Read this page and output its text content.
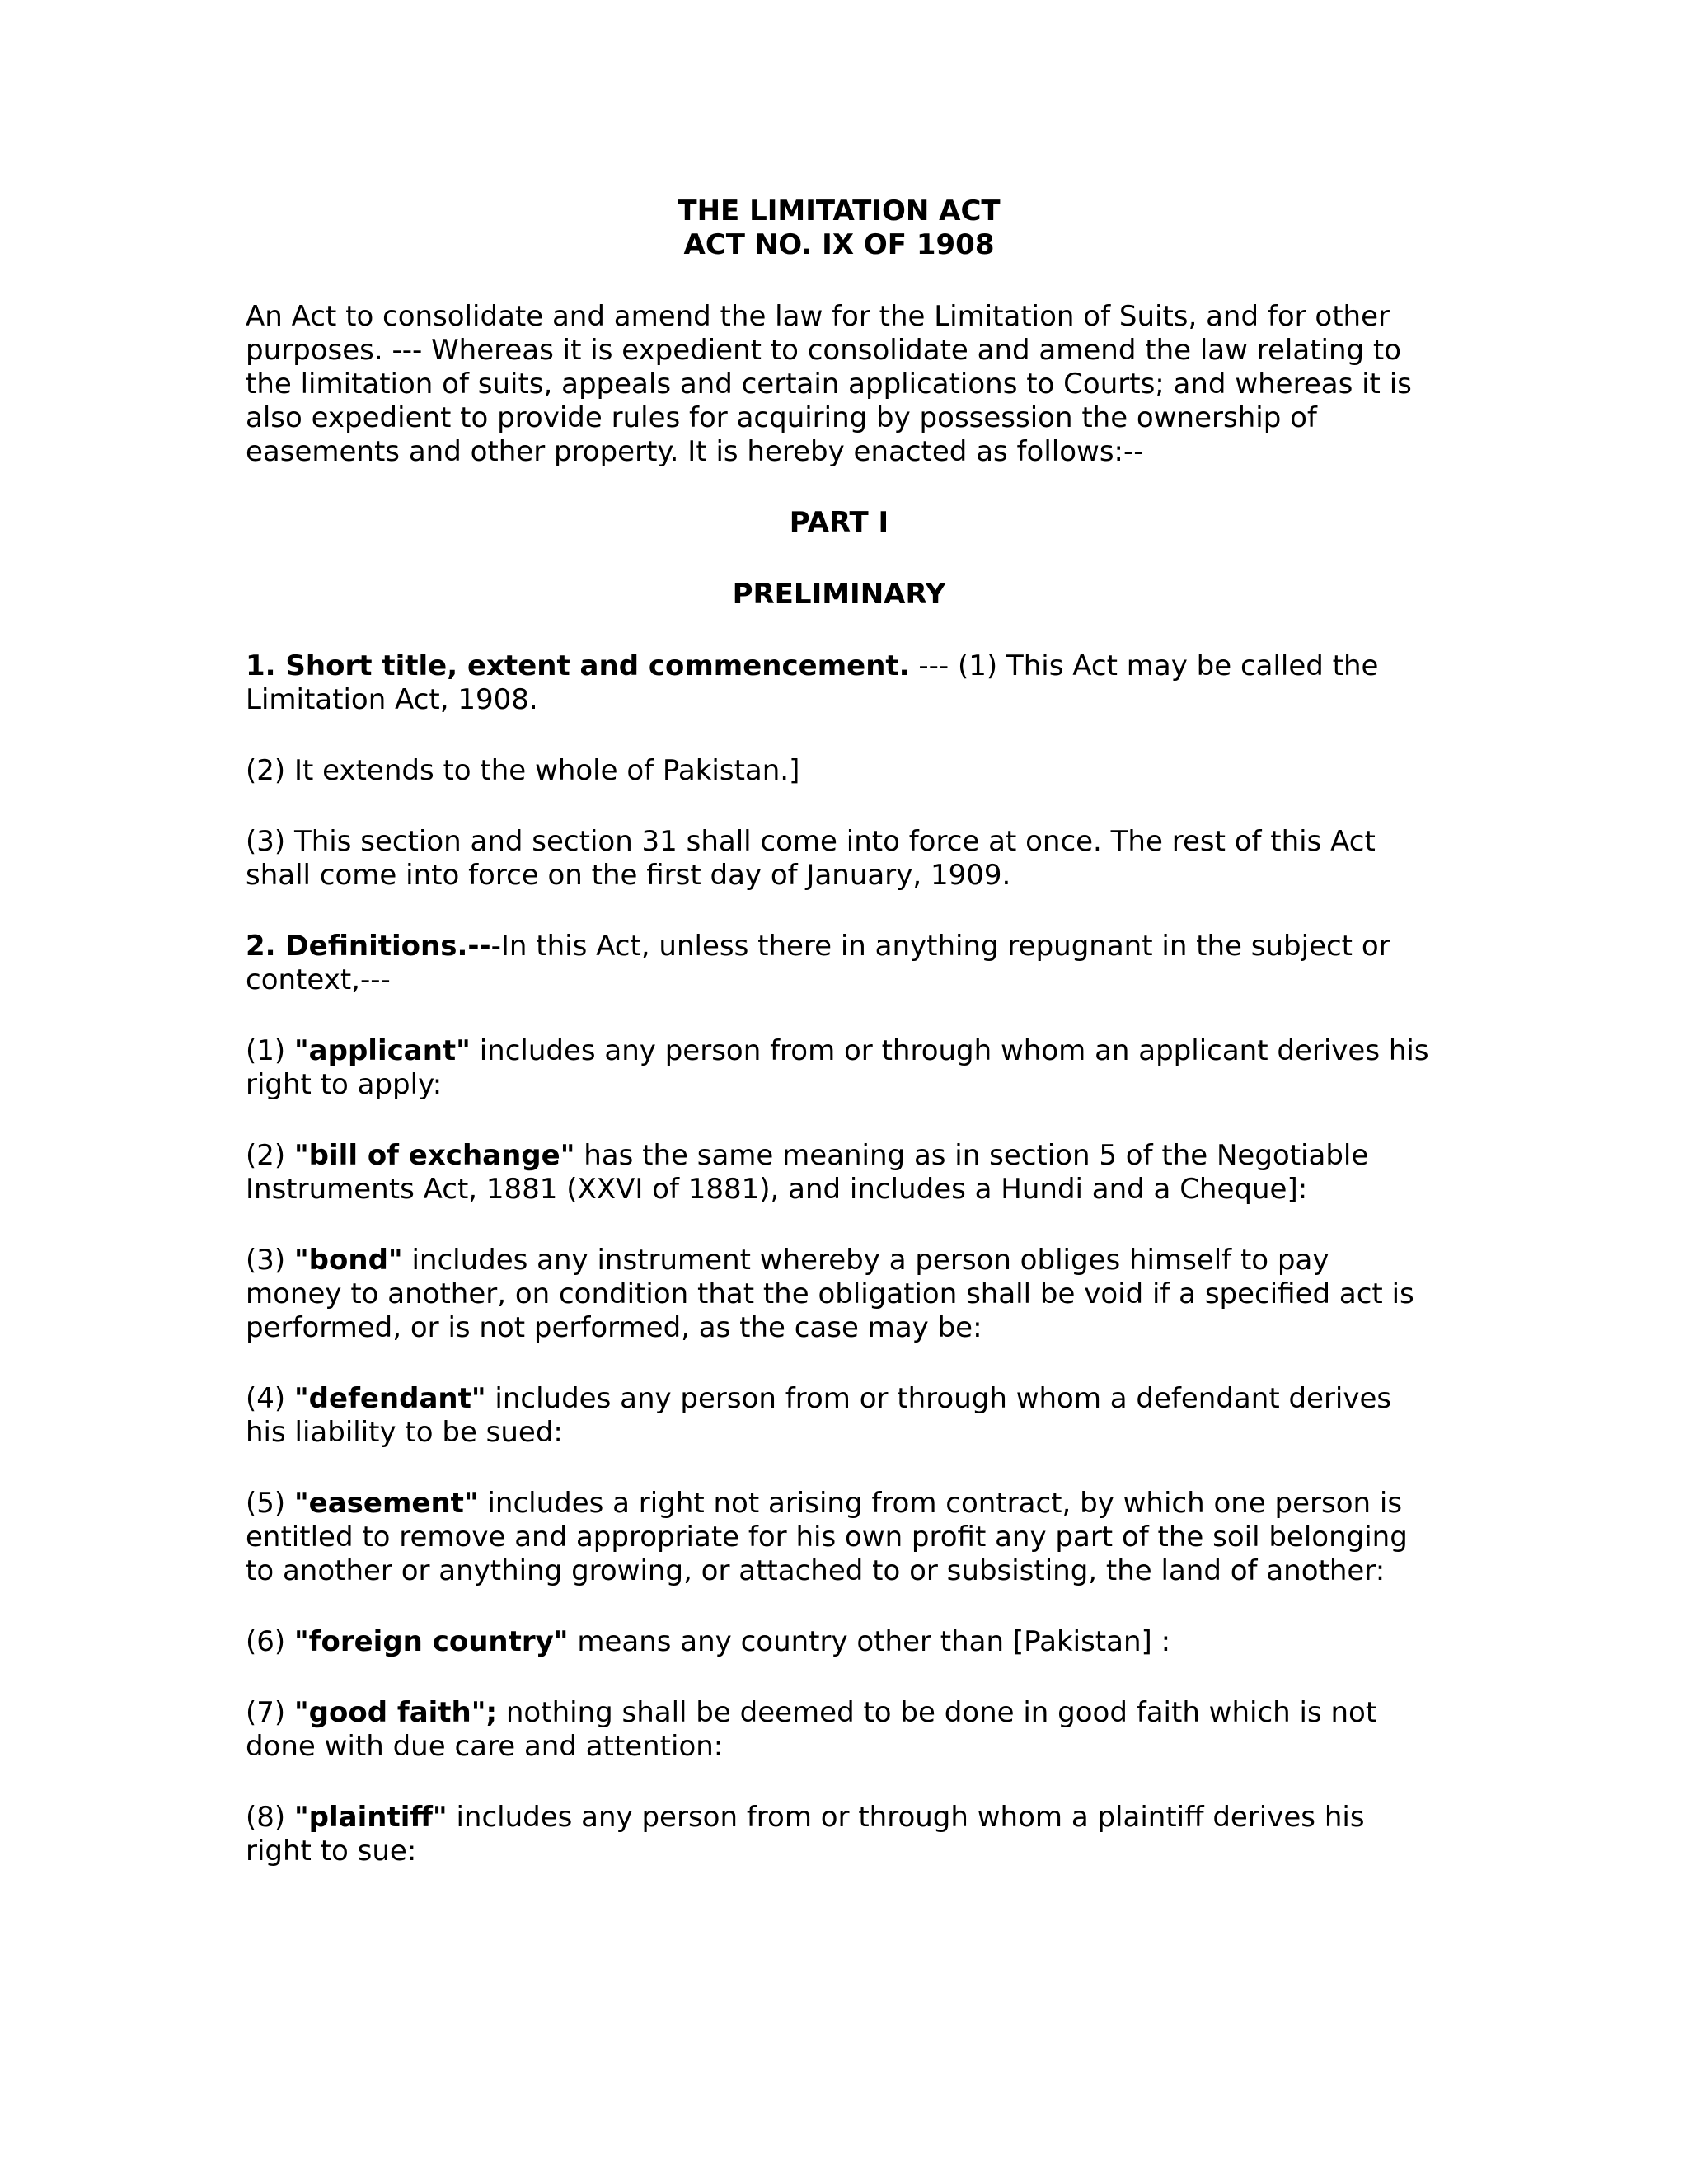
THE LIMITATION ACT
ACT NO. IX OF 1908

An Act to consolidate and amend the law for the Limitation of Suits, and for other purposes. --- Whereas it is expedient to consolidate and amend the law relating to the limitation of suits, appeals and certain applications to Courts; and whereas it is also expedient to provide rules for acquiring by possession the ownership of easements and other property. It is hereby enacted as follows:--

PART I
PRELIMINARY

1. Short title, extent and commencement. --- (1) This Act may be called the Limitation Act, 1908.

(2) It extends to the whole of Pakistan.]

(3) This section and section 31 shall come into force at once. The rest of this Act shall come into force on the first day of January, 1909.

2. Definitions.---In this Act, unless there in anything repugnant in the subject or context,---

(1) "applicant" includes any person from or through whom an applicant derives his right to apply:

(2) "bill of exchange" has the same meaning as in section 5 of the Negotiable Instruments Act, 1881 (XXVI of 1881), and includes a Hundi and a Cheque]:

(3) "bond" includes any instrument whereby a person obliges himself to pay money to another, on condition that the obligation shall be void if a specified act is performed, or is not performed, as the case may be:

(4) "defendant" includes any person from or through whom a defendant derives his liability to be sued:

(5) "easement" includes a right not arising from contract, by which one person is entitled to remove and appropriate for his own profit any part of the soil belonging to another or anything growing, or attached to or subsisting, the land of another:

(6) "foreign country" means any country other than [Pakistan] :

(7) "good faith"; nothing shall be deemed to be done in good faith which is not done with due care and attention:

(8) "plaintiff" includes any person from or through whom a plaintiff derives his right to sue:
